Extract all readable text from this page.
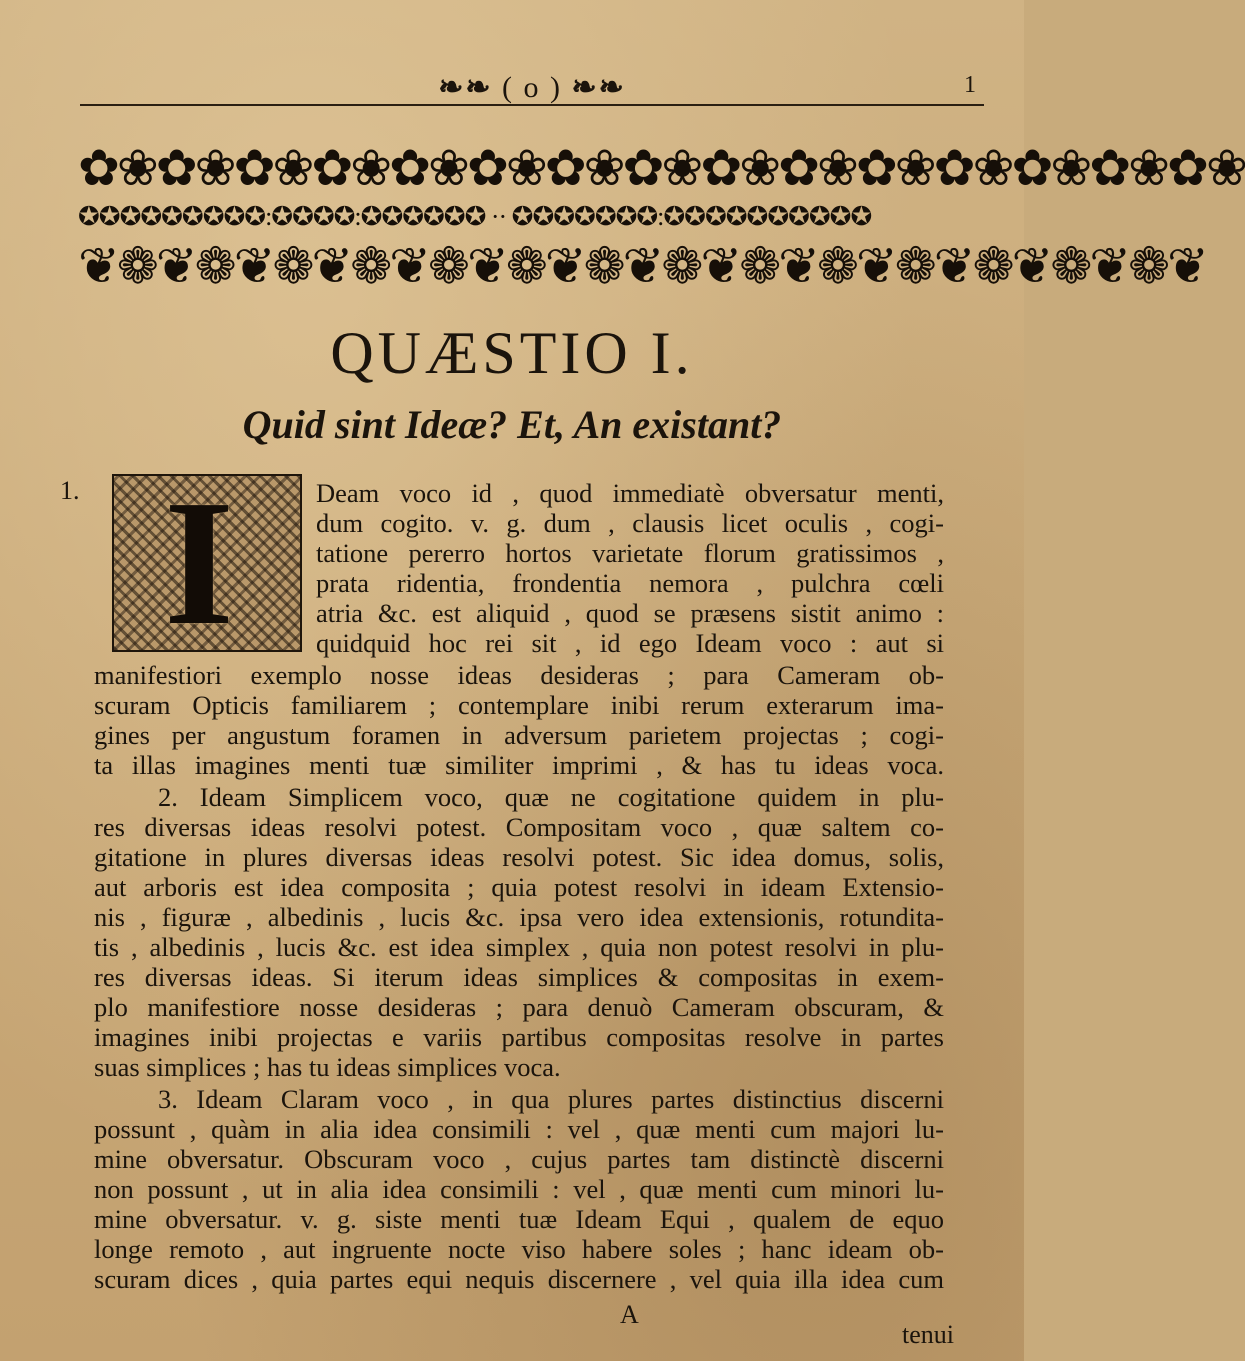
❧❧ ( o ) ❧❧	1
✿❀✿❀✿❀✿❀✿❀✿❀✿❀✿❀✿❀✿❀✿❀✿❀✿❀✿❀✿❀
✪✪✪✪✪✪✪✪✪:✪✪✪✪:✪✪✪✪✪✪ ·· ✪✪✪✪✪✪✪:✪✪✪✪✪✪✪✪✪✪
❦❁❦❁❦❁❦❁❦❁❦❁❦❁❦❁❦❁❦❁❦❁❦❁❦❁❦❁❦
QUÆSTIO I.
Quid sint Ideæ? Et, An existant?
1. I	Deam voco id , quod immediatè obversatur menti,
dum cogito. v. g. dum , clausis licet oculis , cogi-
tatione pererro hortos varietate florum gratissimos ,
prata ridentia, frondentia nemora , pulchra cœli
atria &c. est aliquid , quod se præsens sistit animo :
quidquid hoc rei sit , id ego Ideam voco : aut si
manifestiori exemplo nosse ideas desideras ; para Cameram ob-
scuram Opticis familiarem ; contemplare inibi rerum exterarum ima-
gines per angustum foramen in adversum parietem projectas ; cogi-
ta illas imagines menti tuæ similiter imprimi , & has tu ideas voca.
2. Ideam Simplicem voco, quæ ne cogitatione quidem in plu-
res diversas ideas resolvi potest. Compositam voco , quæ saltem co-
gitatione in plures diversas ideas resolvi potest. Sic idea domus, solis,
aut arboris est idea composita ; quia potest resolvi in ideam Extensio-
nis , figuræ , albedinis , lucis &c. ipsa vero idea extensionis, rotundita-
tis , albedinis , lucis &c. est idea simplex , quia non potest resolvi in plu-
res diversas ideas. Si iterum ideas simplices & compositas in exem-
plo manifestiore nosse desideras ; para denuò Cameram obscuram, &
imagines inibi projectas e variis partibus compositas resolve in partes
suas simplices ; has tu ideas simplices voca.
3. Ideam Claram voco , in qua plures partes distinctius discerni
possunt , quàm in alia idea consimili : vel , quæ menti cum majori lu-
mine obversatur. Obscuram voco , cujus partes tam distinctè discerni
non possunt , ut in alia idea consimili : vel , quæ menti cum minori lu-
mine obversatur. v. g. siste menti tuæ Ideam Equi , qualem de equo
longe remoto , aut ingruente nocte viso habere soles ; hanc ideam ob-
scuram dices , quia partes equi nequis discernere , vel quia illa idea cum
A
tenui
